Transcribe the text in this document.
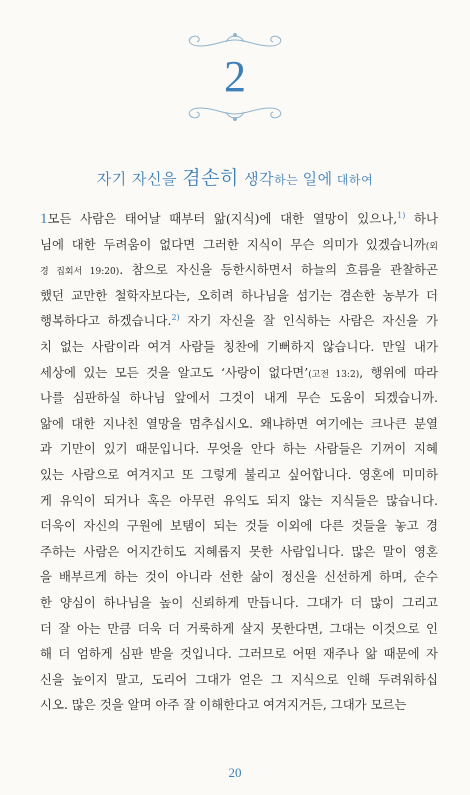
2
자기 자신을 겸손히 생각하는 일에 대하여
1모든 사람은 태어날 때부터 앎(지식)에 대한 열망이 있으나,$^{1)}$ 하나
님에 대한 두려움이 없다면 그러한 지식이 무슨 의미가 있겠습니까(외
경 집회서 19:20). 참으로 자신을 등한시하면서 하늘의 흐름을 관찰하곤
했던 교만한 철학자보다는, 오히려 하나님을 섬기는 겸손한 농부가 더
행복하다고 하겠습니다.$^{2)}$ 자기 자신을 잘 인식하는 사람은 자신을 가
치 없는 사람이라 여겨 사람들 칭찬에 기뻐하지 않습니다. 만일 내가
세상에 있는 모든 것을 알고도 ‘사랑이 없다면’(고전 13:2), 행위에 따라
나를 심판하실 하나님 앞에서 그것이 내게 무슨 도움이 되겠습니까.
앎에 대한 지나친 열망을 멈추십시오. 왜냐하면 여기에는 크나큰 분열
과 기만이 있기 때문입니다. 무엇을 안다 하는 사람들은 기꺼이 지혜
있는 사람으로 여겨지고 또 그렇게 불리고 싶어합니다. 영혼에 미미하
게 유익이 되거나 혹은 아무런 유익도 되지 않는 지식들은 많습니다.
더욱이 자신의 구원에 보탬이 되는 것들 이외에 다른 것들을 놓고 경
주하는 사람은 어지간히도 지혜롭지 못한 사람입니다. 많은 말이 영혼
을 배부르게 하는 것이 아니라 선한 삶이 정신을 신선하게 하며, 순수
한 양심이 하나님을 높이 신뢰하게 만듭니다. 그대가 더 많이 그리고
더 잘 아는 만큼 더욱 더 거룩하게 살지 못한다면, 그대는 이것으로 인
해 더 엄하게 심판 받을 것입니다. 그러므로 어떤 재주나 앎 때문에 자
신을 높이지 말고, 도리어 그대가 얻은 그 지식으로 인해 두려워하십
시오. 많은 것을 알며 아주 잘 이해한다고 여겨지거든, 그대가 모르는
20
